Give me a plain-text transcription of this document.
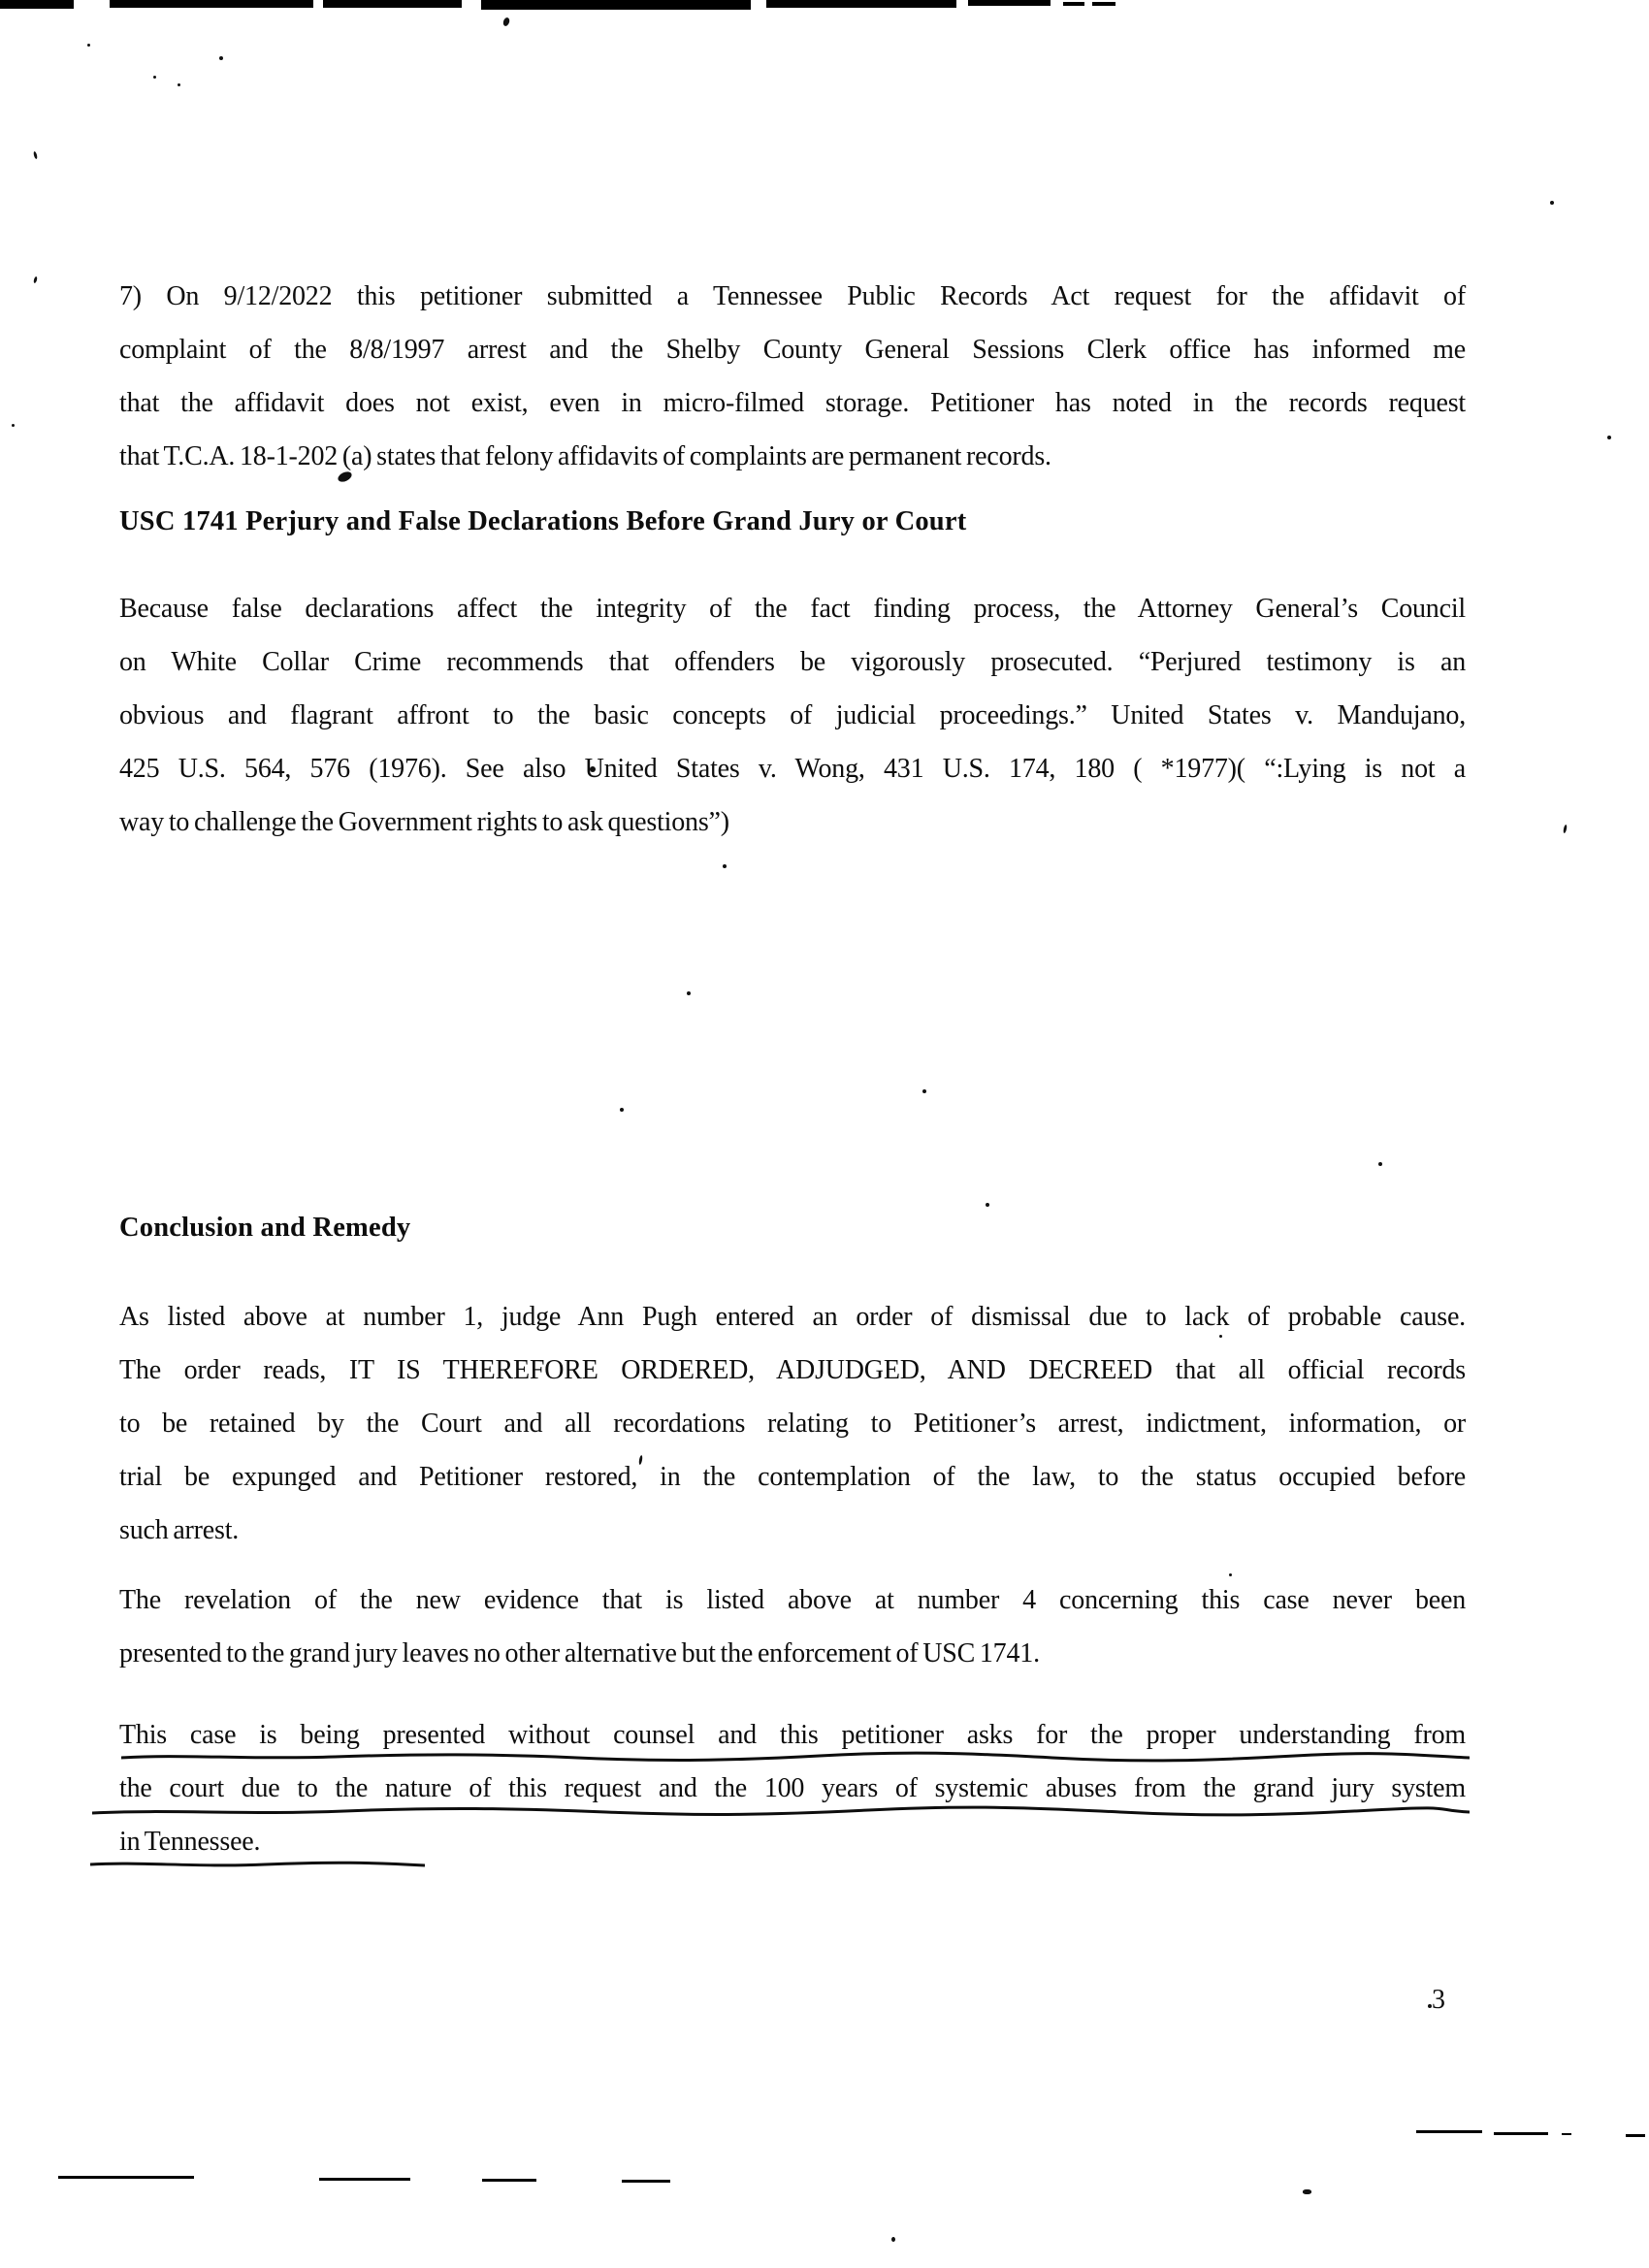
7) On 9/12/2022 this petitioner submitted a Tennessee Public Records Act request for the affidavit of
complaint of the 8/8/1997 arrest and the Shelby County General Sessions Clerk office has informed me
that the affidavit does not exist, even in micro-filmed storage. Petitioner has noted in the records request
that T.C.A. 18-1-202 (a) states that felony affidavits of complaints are permanent records.
USC 1741 Perjury and False Declarations Before Grand Jury or Court
Because false declarations affect the integrity of the fact finding process, the Attorney General’s Council
on White Collar Crime recommends that offenders be vigorously prosecuted. “Perjured testimony is an
obvious and flagrant affront to the basic concepts of judicial proceedings.” United States v. Mandujano,
425 U.S. 564, 576 (1976). See also United States v. Wong, 431 U.S. 174, 180 ( *1977)( “:Lying is not a
way to challenge the Government rights to ask questions”)
Conclusion and Remedy
As listed above at number 1, judge Ann Pugh entered an order of dismissal due to lack of probable cause.
The order reads, IT IS THEREFORE ORDERED, ADJUDGED, AND DECREED that all official records
to be retained by the Court and all recordations relating to Petitioner’s arrest, indictment, information, or
trial be expunged and Petitioner restored, in the contemplation of the law, to the status occupied before
such arrest.
The revelation of the new evidence that is listed above at number 4 concerning this case never been
presented to the grand jury leaves no other alternative but the enforcement of USC 1741.
This case is being presented without counsel and this petitioner asks for the proper understanding from
the court due to the nature of this request and the 100 years of systemic abuses from the grand jury system
in Tennessee.
3
